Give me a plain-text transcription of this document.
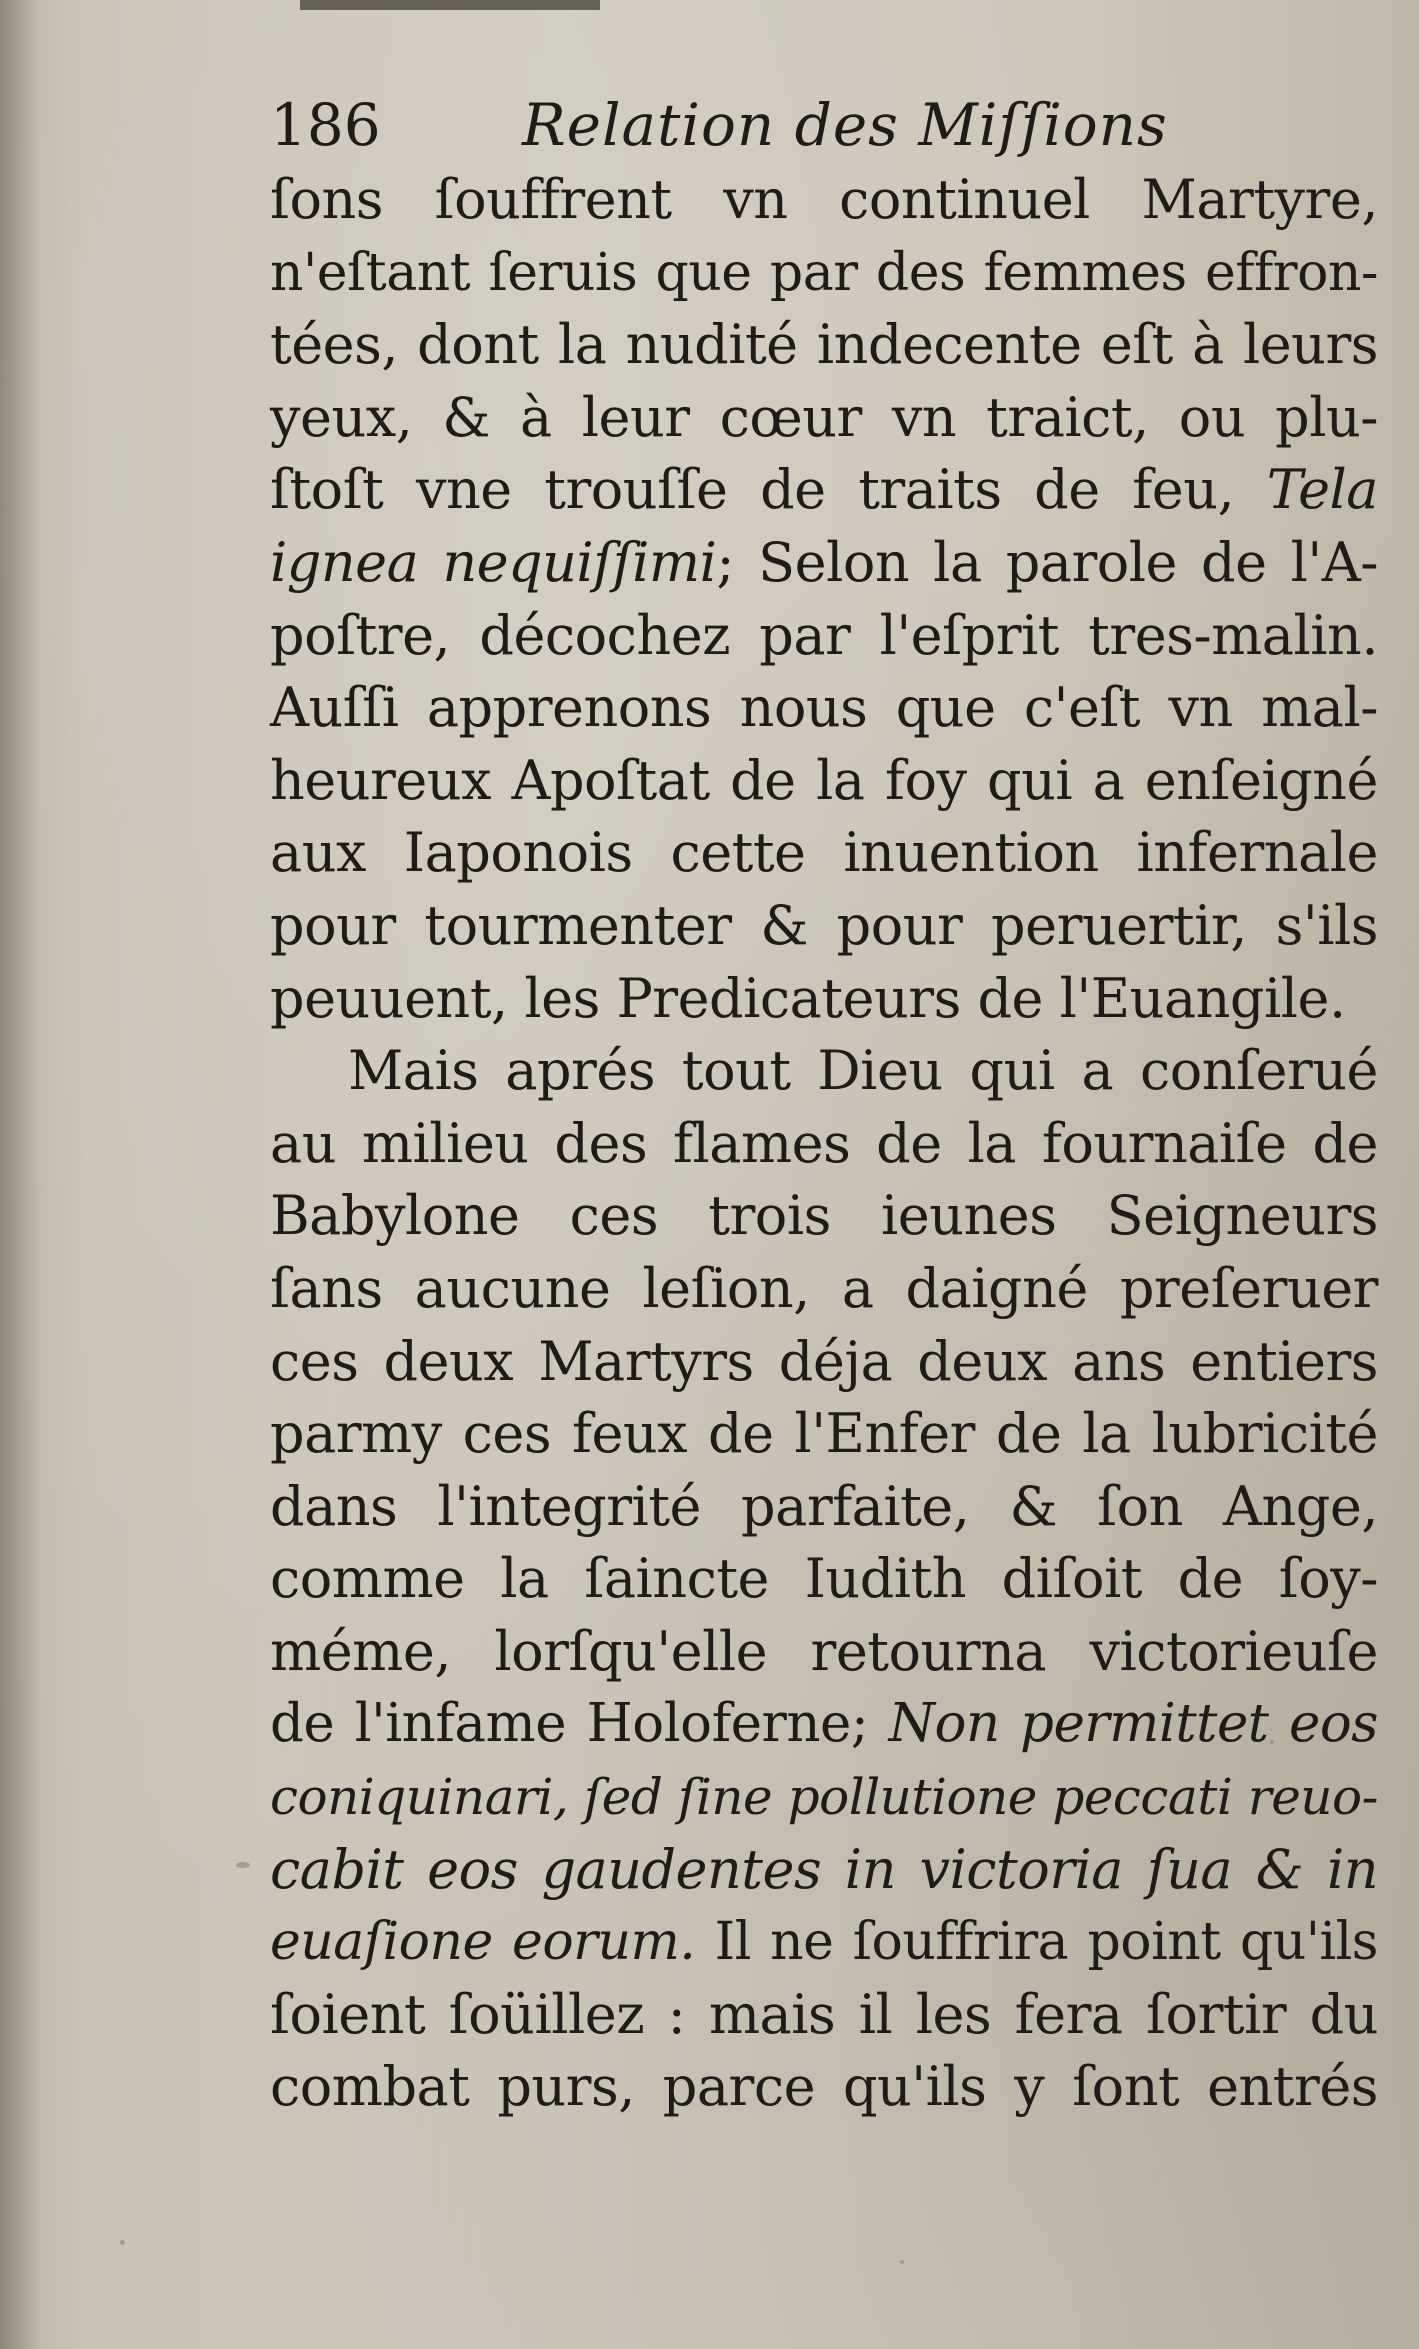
186	Relation des Miſſions
ſons ſouffrent vn continuel Martyre,
n'eſtant ſeruis que par des femmes effron-
tées, dont la nudité indecente eſt à leurs
yeux, & à leur cœur vn traict, ou plu-
ſtoſt vne trouſſe de traits de feu, Tela
ignea nequiſſimi; Selon la parole de l'A-
poſtre, décochez par l'eſprit tres-malin.
Auſſi apprenons nous que c'eſt vn mal-
heureux Apoſtat de la foy qui a enſeigné
aux Iaponois cette inuention infernale
pour tourmenter & pour peruertir, s'ils
peuuent, les Predicateurs de l'Euangile.
Mais aprés tout Dieu qui a conſerué
au milieu des flames de la fournaiſe de
Babylone ces trois ieunes Seigneurs
ſans aucune leſion, a daigné preſeruer
ces deux Martyrs déja deux ans entiers
parmy ces feux de l'Enfer de la lubricité
dans l'integrité parfaite, & ſon Ange,
comme la ſaincte Iudith diſoit de ſoy-
méme, lorſqu'elle retourna victorieuſe
de l'infame Holoferne; Non permittet eos
coniquinari, ſed ſine pollutione peccati reuo-
cabit eos gaudentes in victoria ſua & in
euaſione eorum. Il ne ſouffrira point qu'ils
ſoient ſoüillez : mais il les fera ſortir du
combat purs, parce qu'ils y ſont entrés
